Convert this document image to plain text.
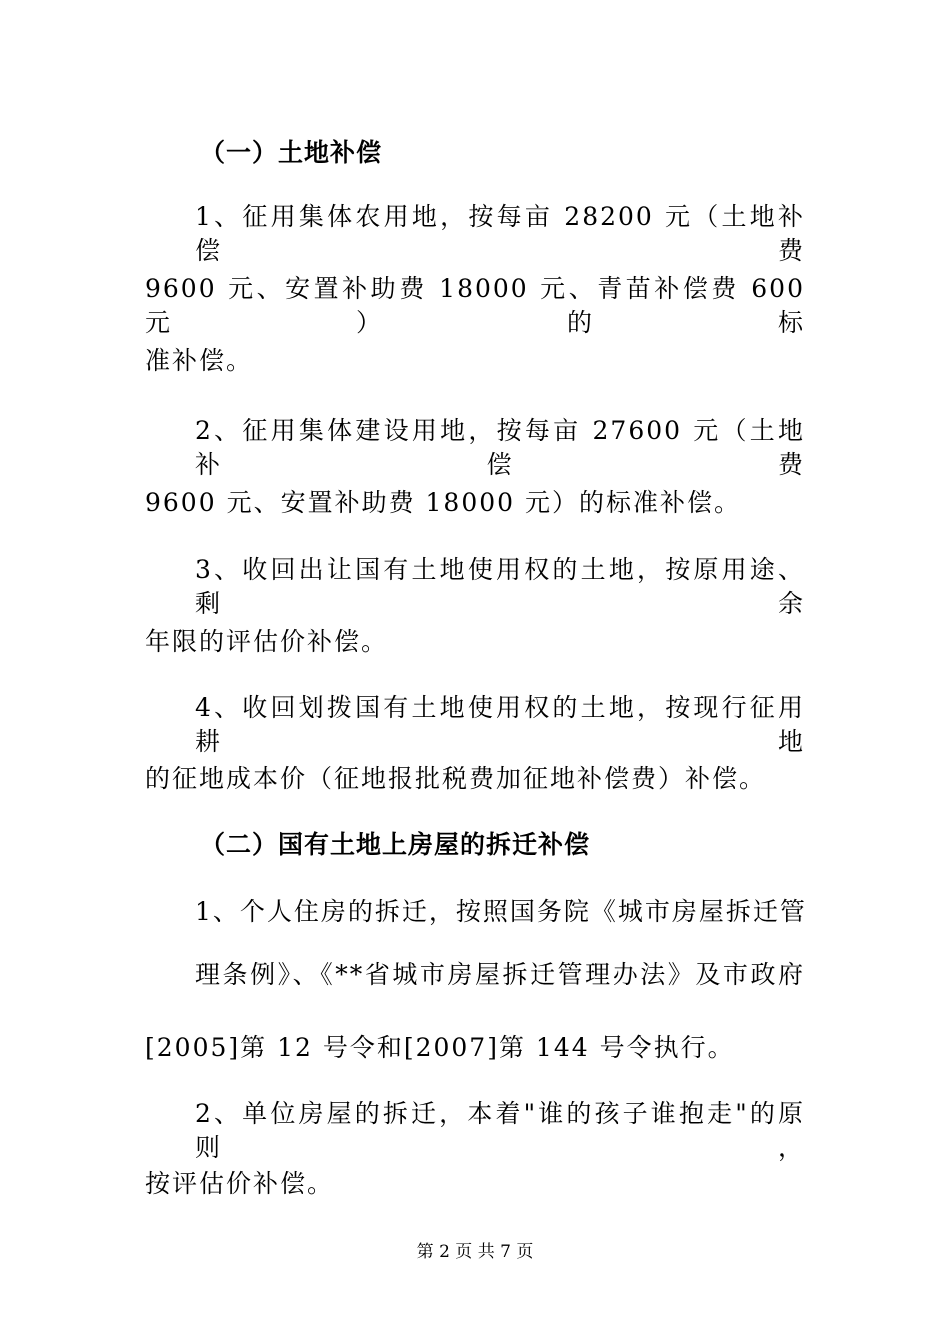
（一）土地补偿
1、征用集体农用地，按每亩 28200 元（土地补偿费
9600 元、安置补助费 18000 元、青苗补偿费 600 元）的标
准补偿。
2、征用集体建设用地，按每亩 27600 元（土地补偿费
9600 元、安置补助费 18000 元）的标准补偿。
3、收回出让国有土地使用权的土地，按原用途、剩余
年限的评估价补偿。
4、收回划拨国有土地使用权的土地，按现行征用耕地
的征地成本价（征地报批税费加征地补偿费）补偿。
（二）国有土地上房屋的拆迁补偿
1、个人住房的拆迁，按照国务院《城市房屋拆迁管
理条例》、《**省城市房屋拆迁管理办法》及市政府
[2005]第 12 号令和[2007]第 144 号令执行。
2、单位房屋的拆迁，本着"谁的孩子谁抱走"的原则，
按评估价补偿。
第 2 页 共 7 页
